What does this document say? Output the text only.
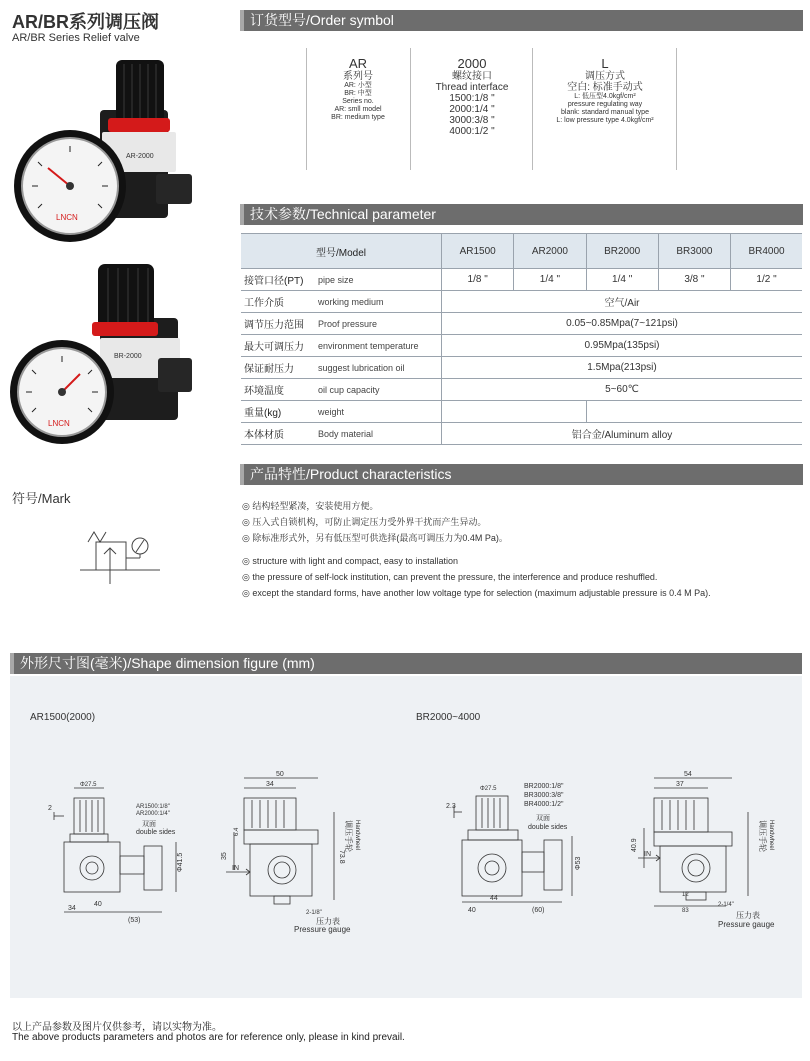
AR/BR系列调压阀
AR/BR Series Relief valve
AR-2000
LNCN
BR-2000
LNCN
符号/Mark
订货型号/Order symbol
AR
系列号
AR: 小型
BR: 中型
Series no.
AR: smll model
BR: medium type
2000
螺纹接口
Thread interface
1500:1/8 "
2000:1/4 "
3000:3/8 "
4000:1/2 "
L
调压方式
空白: 标准手动式
L: 低压型4.0kgf/cm²
pressure regulating way
blank: standard manual type
L: low pressure type 4.0kgf/cm²
技术参数/Technical parameter
型号/Model		AR1500	AR2000	BR2000	BR3000	BR4000
接管口径(PT)	pipe size	1/8 "	1/4 "	1/4 "	3/8 "	1/2 "
工作介质	working medium	空气/Air				
调节压力范围	Proof pressure	0.05~0.85Mpa(7~121psi)				
最大可调压力	environment temperature	0.95Mpa(135psi)				
保证耐压力	suggest lubrication oil	1.5Mpa(213psi)				
环境温度	oil cup capacity	5~60℃				
重量(kg)	weight					
本体材质	Body material	铝合金/Aluminum alloy				
产品特性/Product characteristics
◎ 结构轻型紧凑，安装使用方便。
◎ 压入式自锁机构，可防止调定压力受外界干扰而产生异动。
◎ 除标准形式外，另有低压型可供选择(最高可调压力为0.4M Pa)。
◎ structure with light and compact, easy to installation
◎ the pressure of self-lock institution, can prevent the pressure, the interference and produce reshuffled.
◎ except the standard forms, have another low voltage type for selection (maximum adjustable pressure is 0.4 M Pa).
外形尺寸图(毫米)/Shape dimension figure (mm)
AR1500(2000)	BR2000~4000
Φ27.5
AR1500:1/8"
AR2000:1/4"
双面
double sides
Φ41.5
2
34
40
(53)
50
34
73.8
35
6.4
IN
2-1/8"
压力表
Pressure gauge
调压手轮 Handwheel
Φ27.5	BR2000:1/8"
BR3000:3/8"
BR4000:1/2"
双面
double sides
Φ53
40
44
(60)
2.3
54
37
40.9
IN
12
83
2-1/4"
压力表
Pressure gauge
调压手轮 Handwheel
以上产品参数及图片仅供参考，请以实物为准。
The above products parameters and photos are for reference only, please in kind prevail.
